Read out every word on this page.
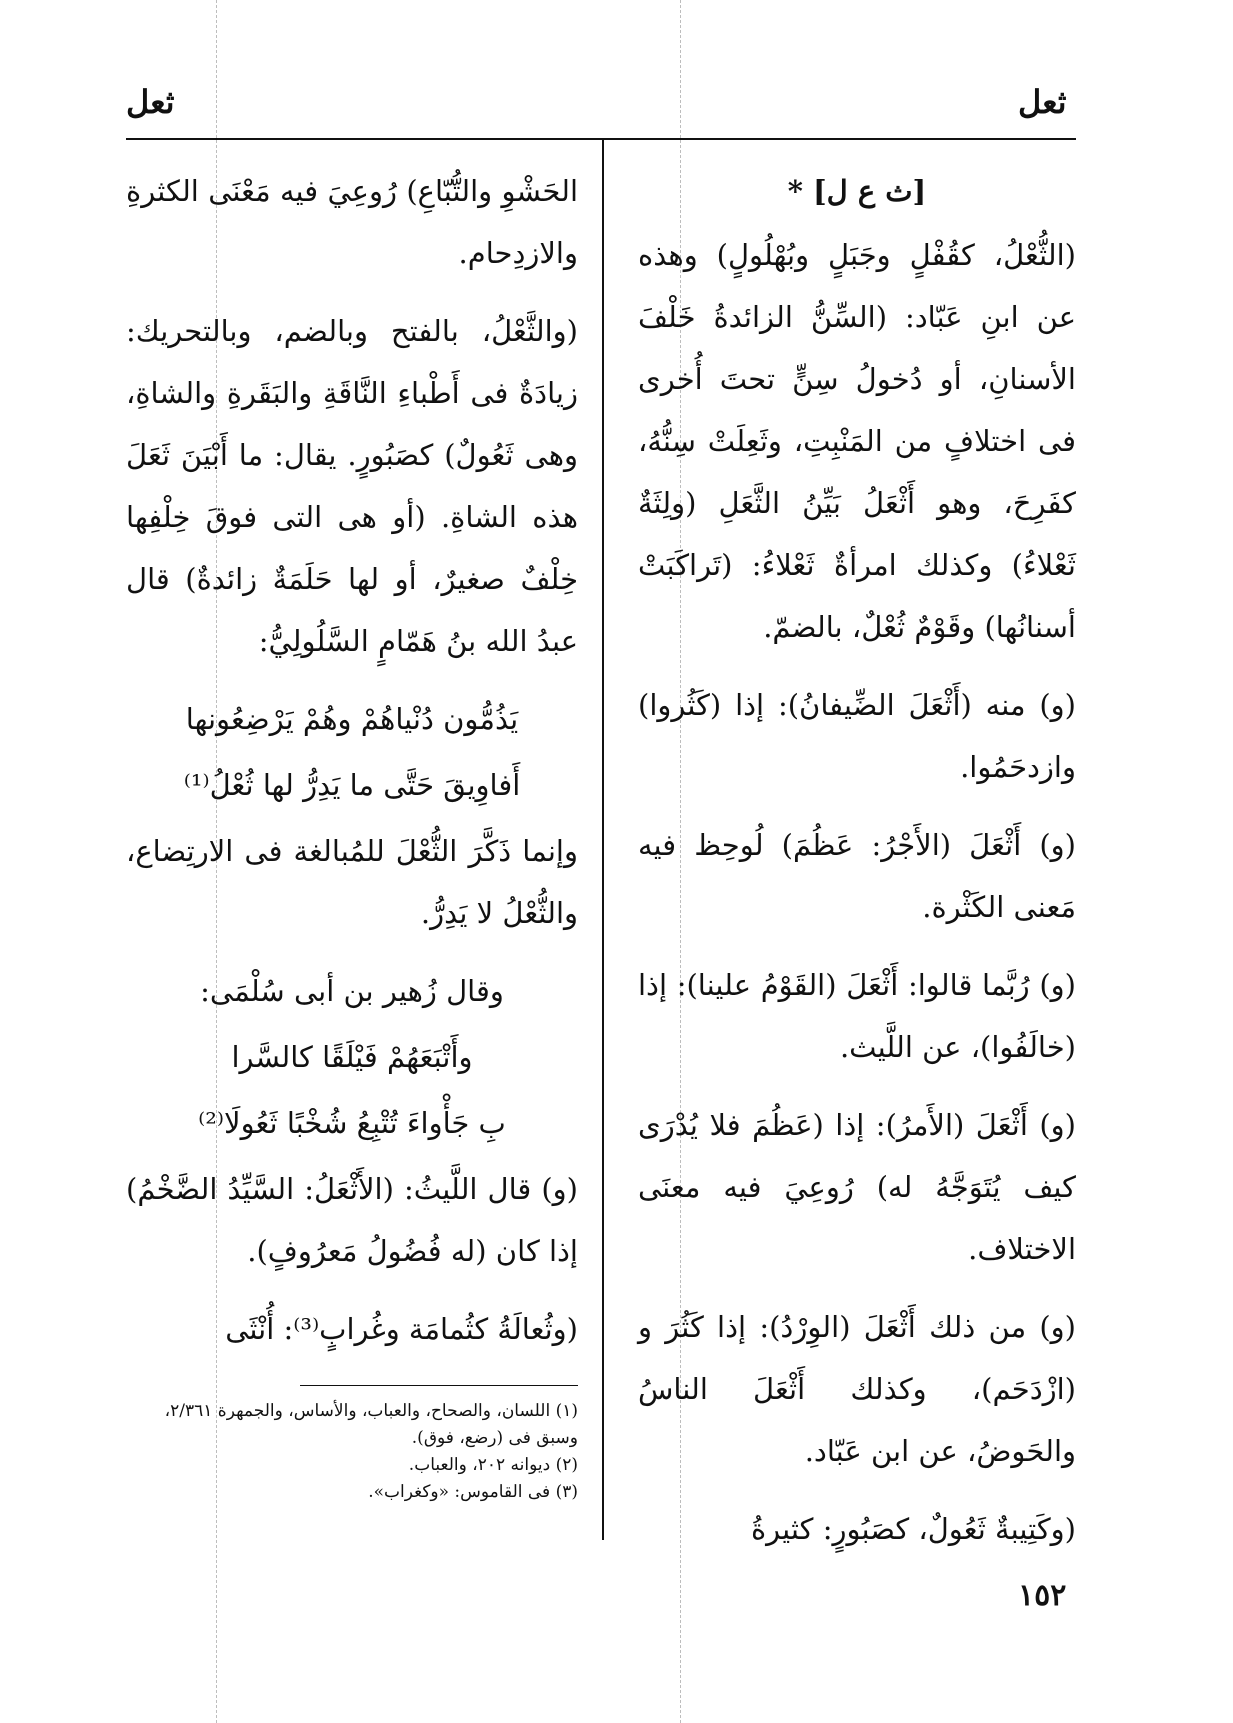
ثعل
ثعل

[ث ع ل] *

(الثُّعْلُ، كقُفْلٍ وجَبَلٍ وبُهْلُولٍ) وهذه عن ابنِ عَبّاد: (السِّنُّ الزائدةُ خَلْفَ الأسنانِ، أو دُخولُ سِنٍّ تحتَ أُخرى فى اختلافٍ من المَنْبِتِ، وثَعِلَتْ سِنُّهُ، كفَرِحَ، وهو أَثْعَلُ بَيِّنُ الثَّعَلِ (ولِثَةٌ ثَعْلاءُ) وكذلك امرأةٌ ثَعْلاءُ: (تَراكَبَتْ أسنانُها) وقَوْمٌ ثُعْلٌ، بالضمّ.

(و) منه (أَثْعَلَ الضِّيفانُ): إذا (كَثُروا) وازدحَمُوا.

(و) أَثْعَلَ (الأَجْرُ: عَظُمَ) لُوحِظ فيه مَعنى الكَثْرة.

(و) رُبَّما قالوا: أَثْعَلَ (القَوْمُ علينا): إذا (خالَفُوا)، عن اللَّيث.

(و) أَثْعَلَ (الأَمرُ): إذا (عَظُمَ فلا يُدْرَى كيف يُتَوَجَّهُ له) رُوعِيَ فيه معنَى الاختلاف.

(و) من ذلك أَثْعَلَ (الوِرْدُ): إذا كَثُرَ و (ازْدَحَم)، وكذلك أَثْعَلَ الناسُ والحَوضُ، عن ابن عَبّاد.

(وكَتِيبةٌ ثَعُولٌ، كصَبُورٍ: كثيرةُ

الحَشْوِ والتُّبّاعِ) رُوعِيَ فيه مَعْنَى الكثرةِ والازدِحام.

(والثَّعْلُ، بالفتح وبالضم، وبالتحريك: زيادَةٌ فى أَطْباءِ النَّاقَةِ والبَقَرةِ والشاةِ، وهى ثَعُولٌ) كصَبُورٍ. يقال: ما أَبْيَنَ ثَعَلَ هذه الشاةِ. (أو هى التى فوقَ خِلْفِها خِلْفٌ صغيرٌ، أو لها حَلَمَةٌ زائدةٌ) قال عبدُ الله بنُ هَمّامٍ السَّلُولِيُّ:

يَذُمُّون دُنْياهُمْ وهُمْ يَرْضِعُونها

أَفاوِيقَ حَتَّى ما يَدِرُّ لها ثُعْلُ⁽¹⁾

وإنما ذَكَّرَ الثُّعْلَ للمُبالغة فى الارتِضاع، والثُّعْلُ لا يَدِرُّ.

وقال زُهير بن أبى سُلْمَى:

وأَتْبَعَهُمْ فَيْلَقًا كالسَّرا

بِ جَأْواءَ تُتْبِعُ شُخْبًا ثَعُولَا⁽²⁾

(و) قال اللَّيثُ: (الأَثْعَلُ: السَّيِّدُ الضَّخْمُ) إذا كان (له فُضُولُ مَعرُوفٍ).

(وثُعالَةُ كثُمامَة وغُرابٍ⁽³⁾: أُنْثَى

(١) اللسان، والصحاح، والعباب، والأساس، والجمهرة ٢/٣٦١، وسبق فى (رضع، فوق).
(٢) ديوانه ٢٠٢، والعباب.
(٣) فى القاموس: «وكغراب».
١٥٢
